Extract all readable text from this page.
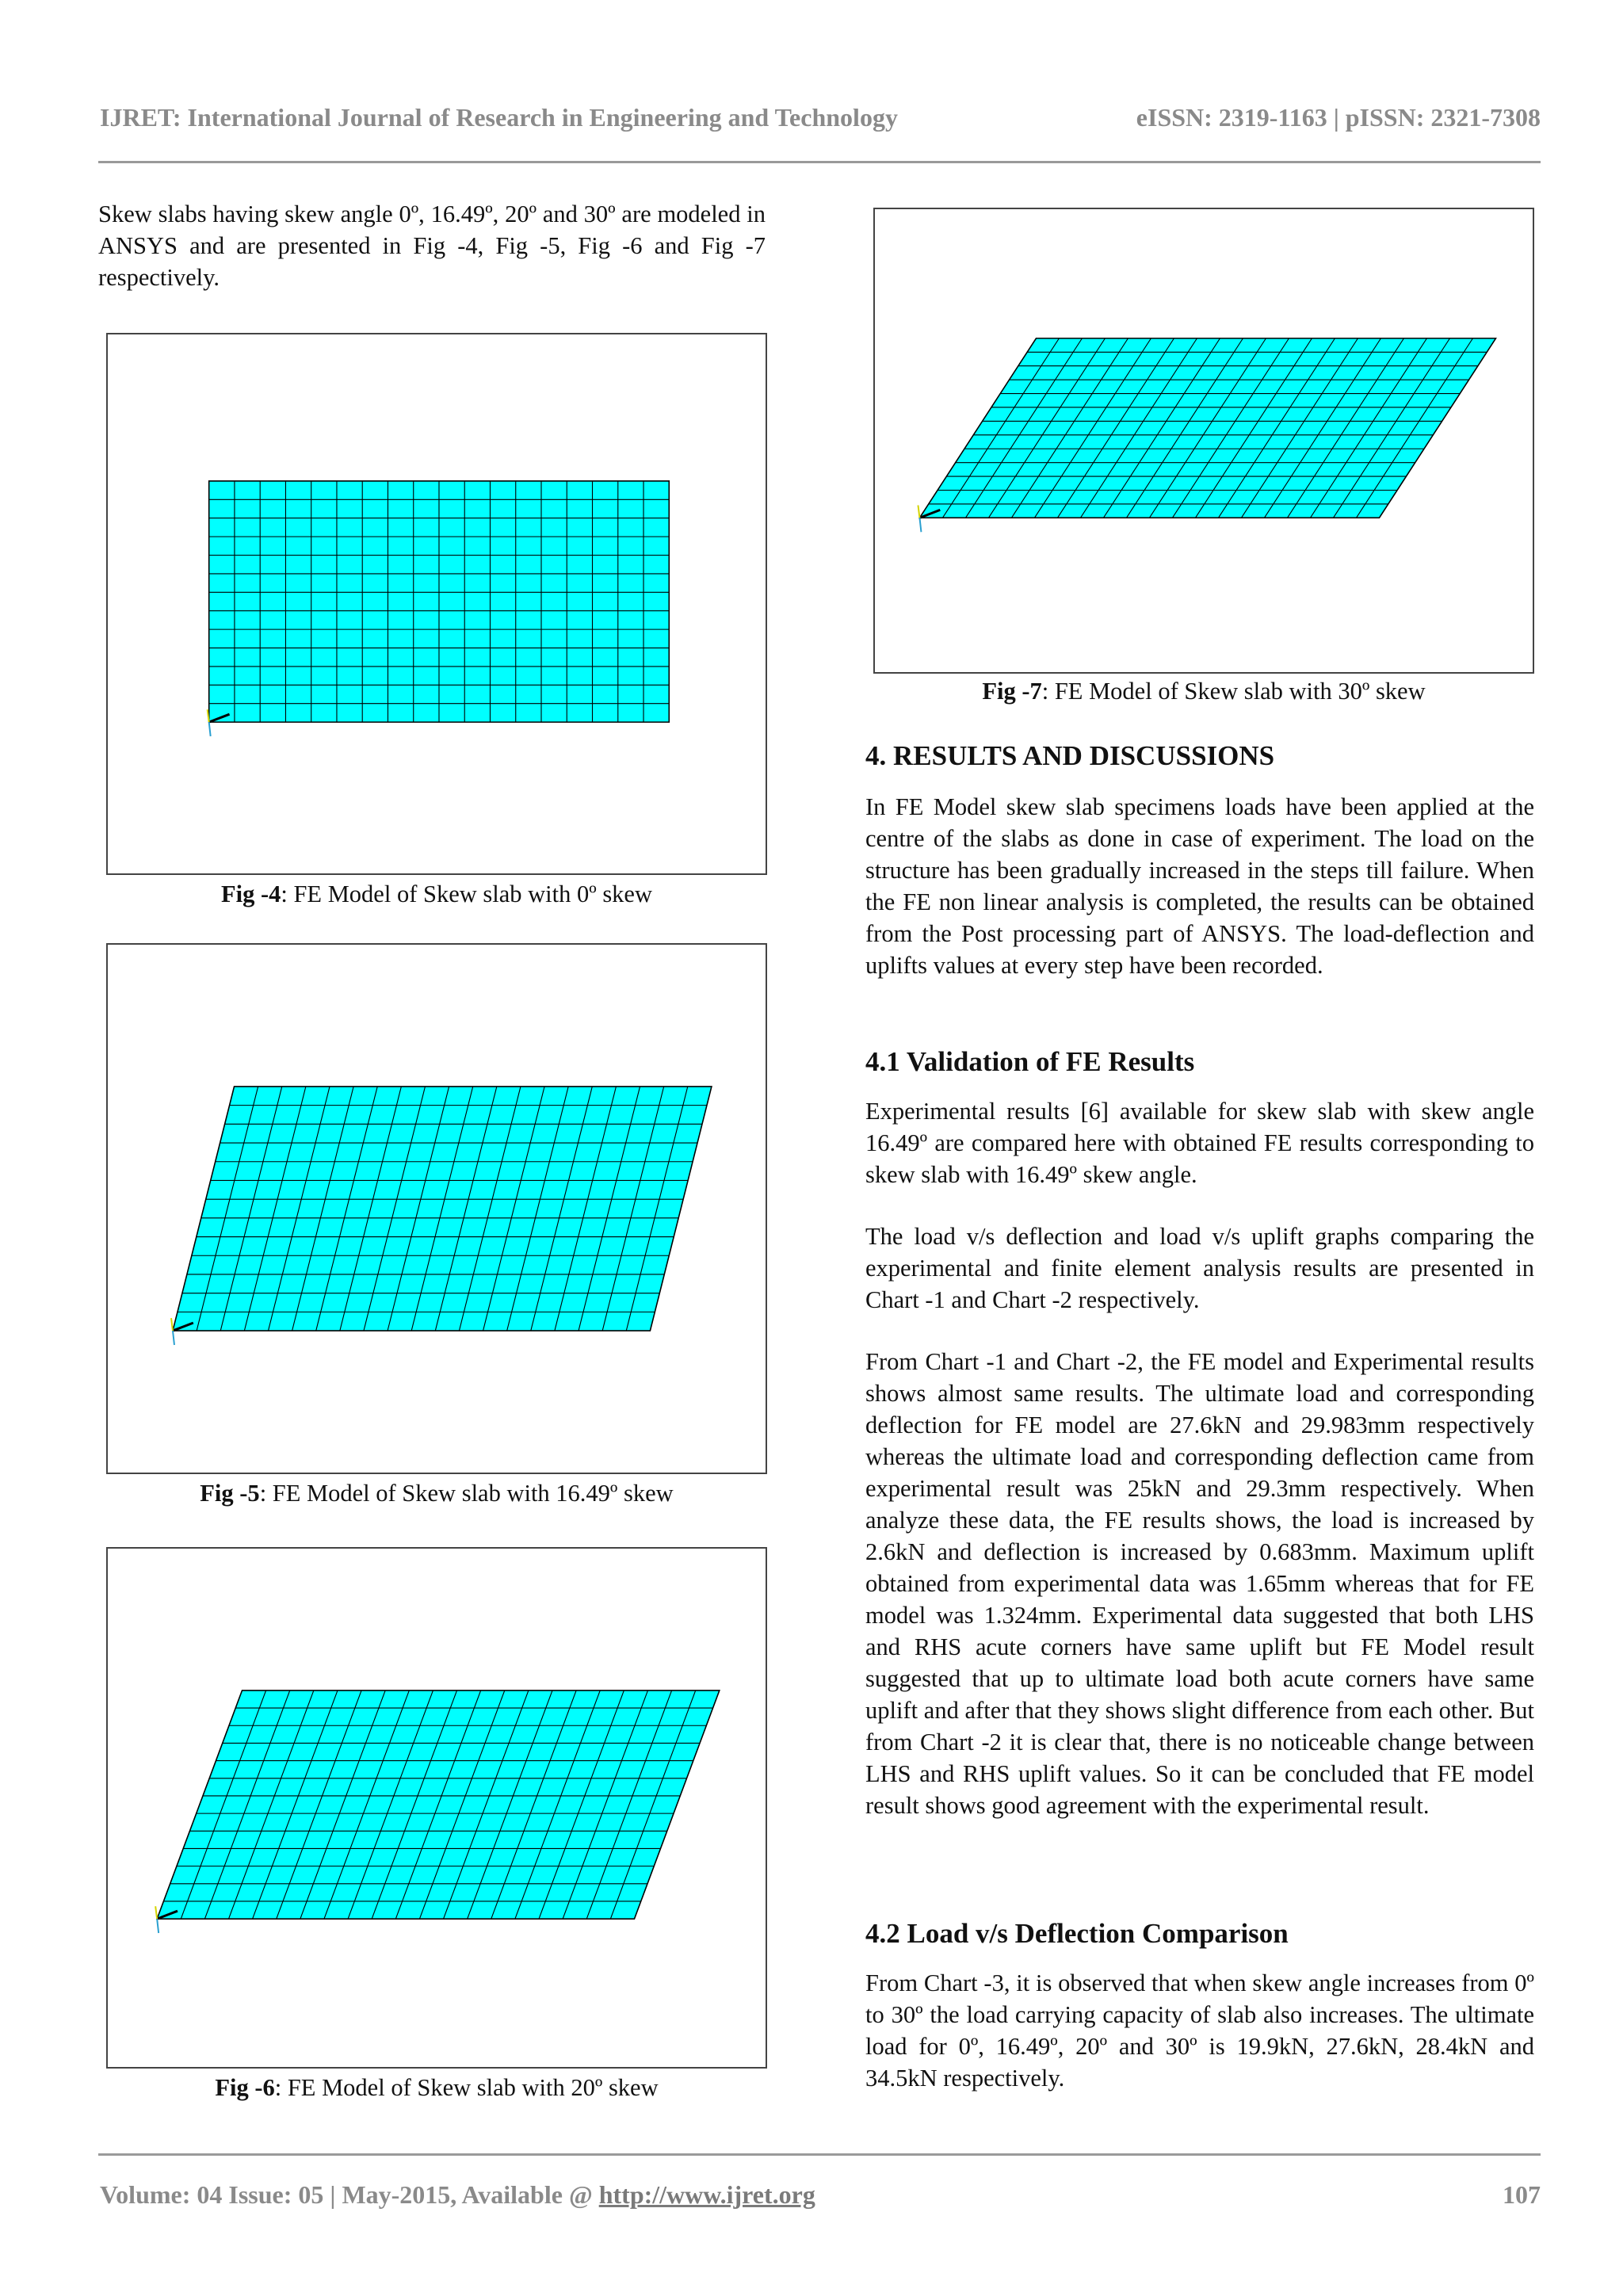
IJRET: International Journal of Research in Engineering and Technology	eISSN: 2319-1163 | pISSN: 2321-7308

Skew slabs having skew angle 0º, 16.49º, 20º and 30º are modeled in ANSYS and are presented in Fig -4, Fig -5, Fig -6 and Fig -7 respectively.

Fig -4: FE Model of Skew slab with 0º skew
Fig -5: FE Model of Skew slab with 16.49º skew
Fig -6: FE Model of Skew slab with 20º skew
Fig -7: FE Model of Skew slab with 30º skew
4. RESULTS AND DISCUSSIONS

In FE Model skew slab specimens loads have been applied at the centre of the slabs as done in case of experiment. The load on the structure has been gradually increased in the steps till failure. When the FE non linear analysis is completed, the results can be obtained from the Post processing part of ANSYS. The load-deflection and uplifts values at every step have been recorded.

4.1 Validation of FE Results

Experimental results [6] available for skew slab with skew angle 16.49º are compared here with obtained FE results corresponding to skew slab with 16.49º skew angle.

The load v/s deflection and load v/s uplift graphs comparing the experimental and finite element analysis results are presented in Chart -1 and Chart -2 respectively.

From Chart -1 and Chart -2, the FE model and Experimental results shows almost same results. The ultimate load and corresponding deflection for FE model are 27.6kN and 29.983mm respectively whereas the ultimate load and corresponding deflection came from experimental result was 25kN and 29.3mm respectively. When analyze these data, the FE results shows, the load is increased by 2.6kN and deflection is increased by 0.683mm. Maximum uplift obtained from experimental data was 1.65mm whereas that for FE model was 1.324mm. Experimental data suggested that both LHS and RHS acute corners have same uplift but FE Model result suggested that up to ultimate load both acute corners have same uplift and after that they shows slight difference from each other. But from Chart -2 it is clear that, there is no noticeable change between LHS and RHS uplift values. So it can be concluded that FE model result shows good agreement with the experimental result.

4.2 Load v/s Deflection Comparison

From Chart -3, it is observed that when skew angle increases from 0º to 30º the load carrying capacity of slab also increases. The ultimate load for 0º, 16.49º, 20º and 30º is 19.9kN, 27.6kN, 28.4kN and 34.5kN respectively.

Volume: 04 Issue: 05 | May-2015, Available @ http://www.ijret.org	107
